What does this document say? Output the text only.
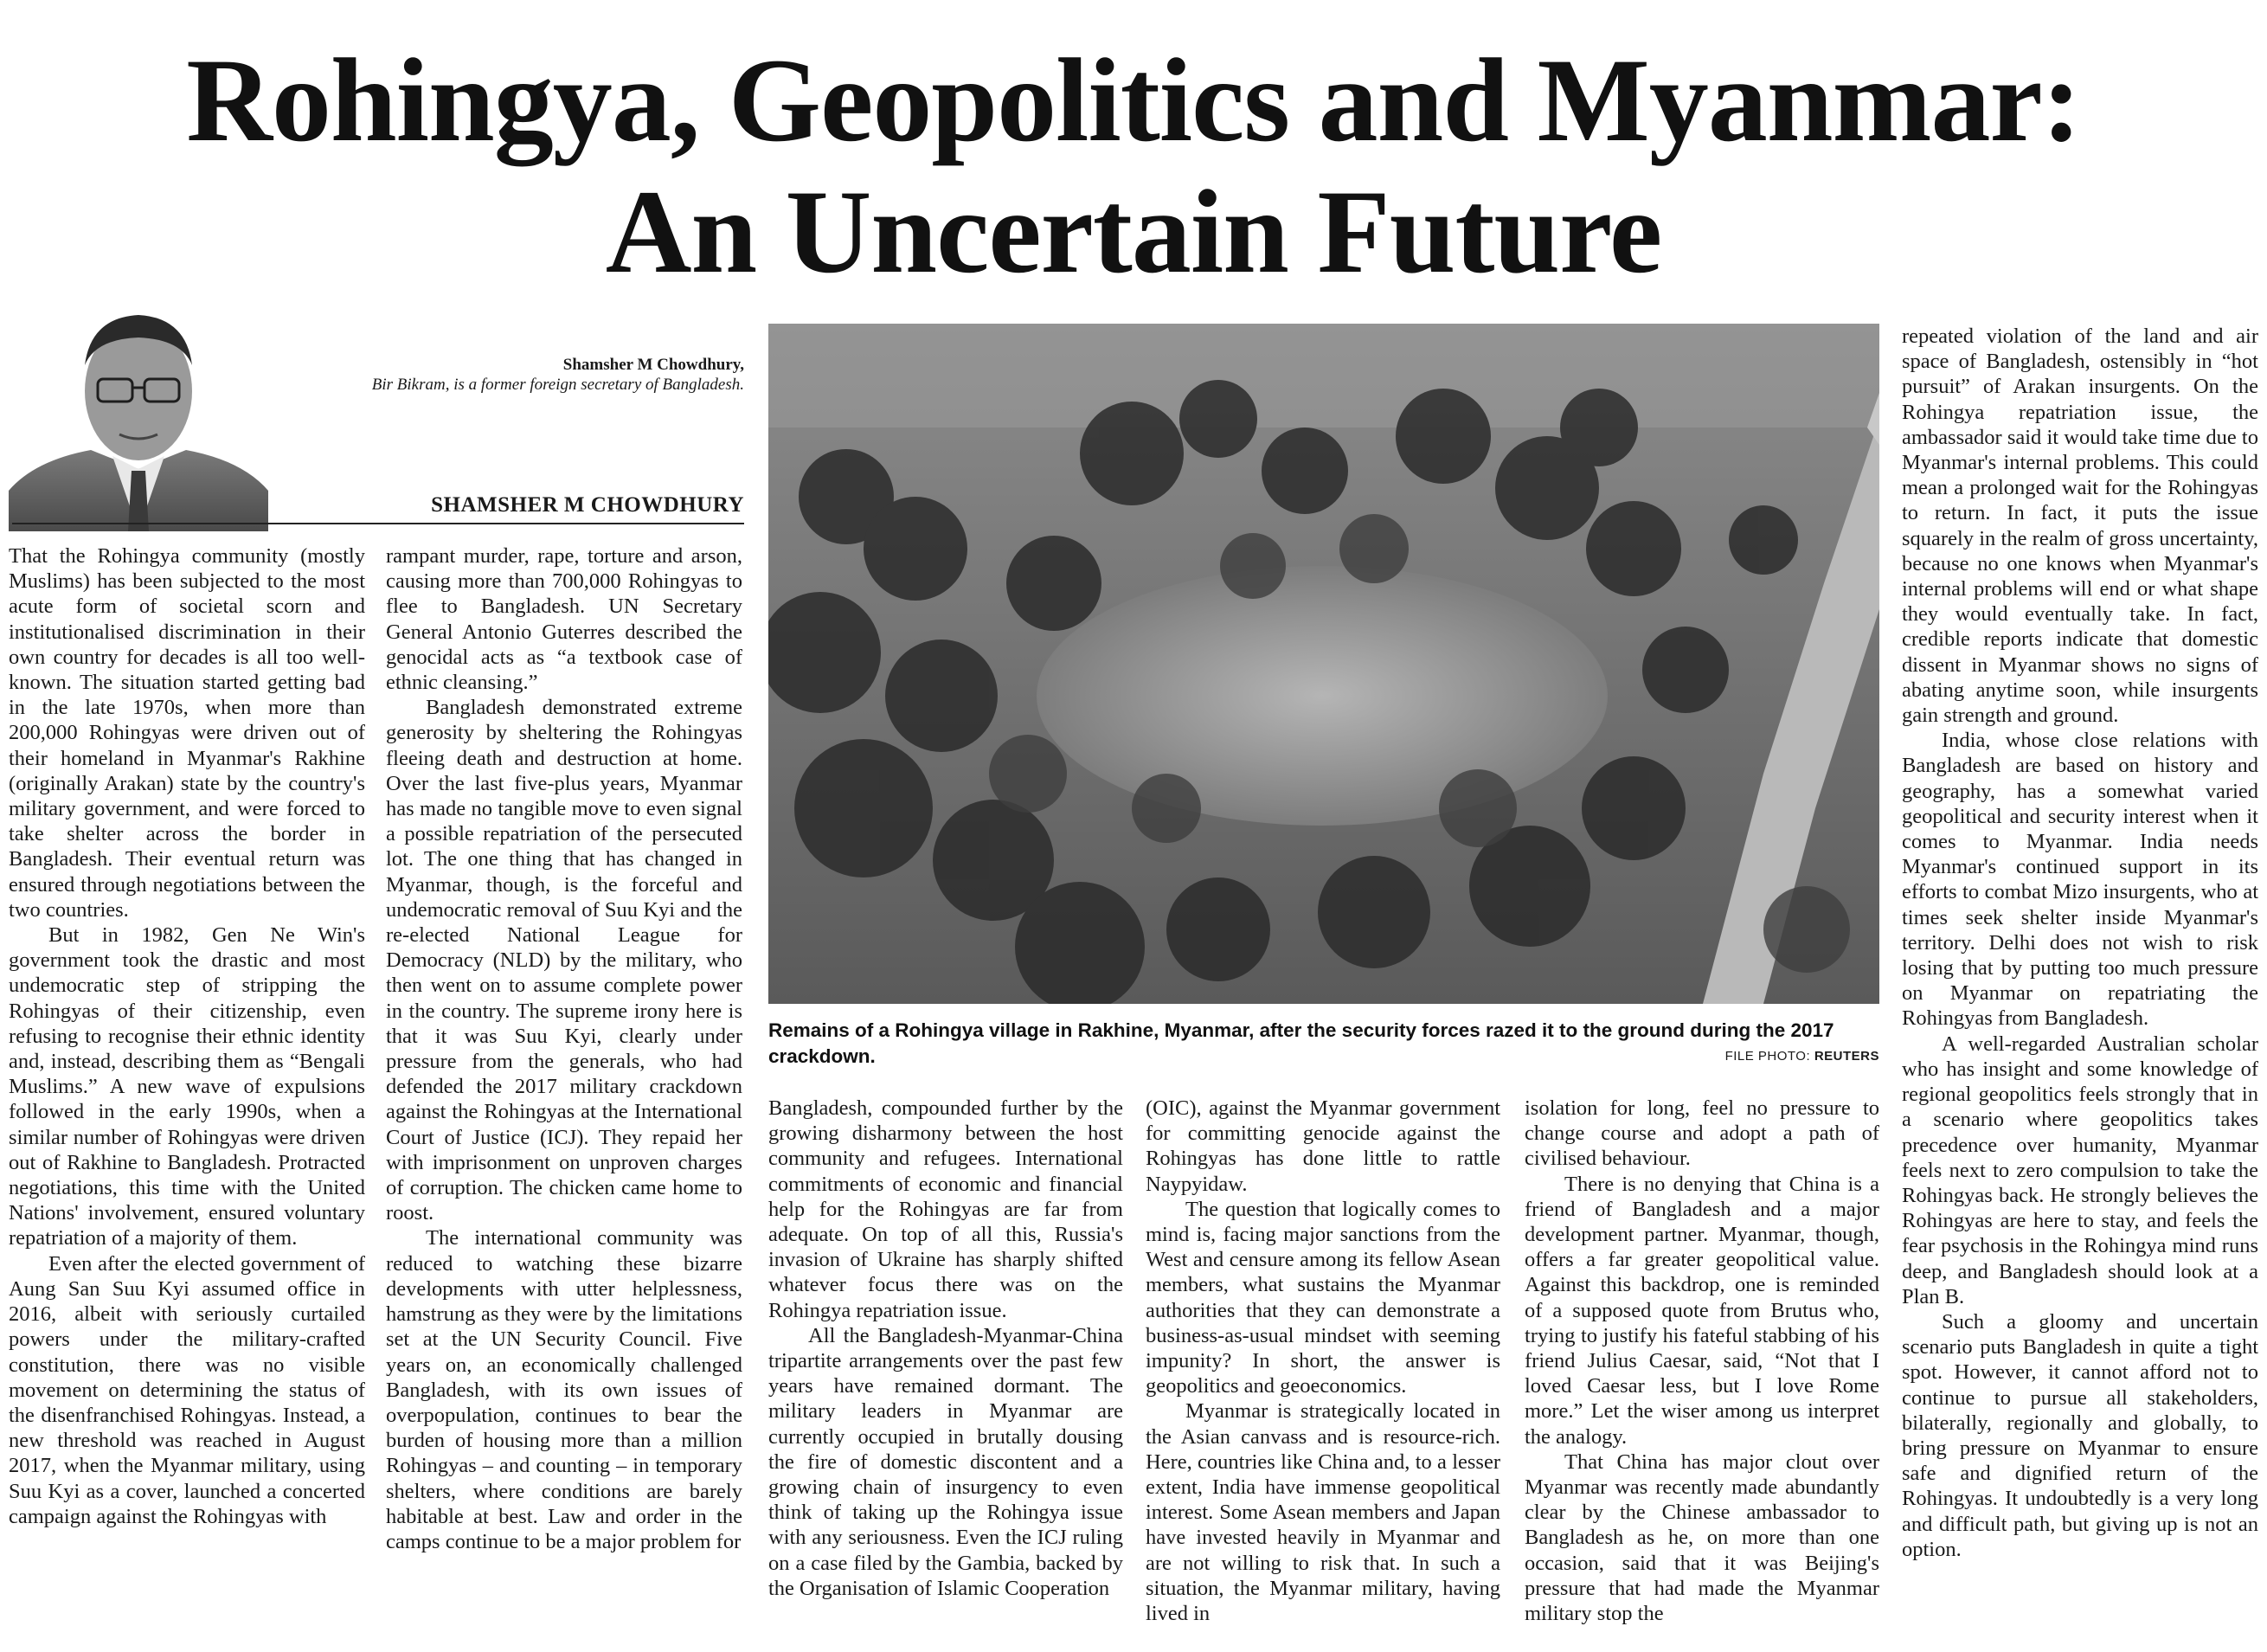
Rohingya, Geopolitics and Myanmar:
An Uncertain Future
Shamsher M Chowdhury,
Bir Bikram, is a former foreign secretary of Bangladesh.
SHAMSHER M CHOWDHURY

That the Rohingya community (mostly Muslims) has been subjected to the most acute form of societal scorn and institutionalised discrimination in their own country for decades is all too well-known. The situation started getting bad in the late 1970s, when more than 200,000 Rohingyas were driven out of their homeland in Myanmar's Rakhine (originally Arakan) state by the country's military government, and were forced to take shelter across the border in Bangladesh. Their eventual return was ensured through negotiations between the two countries.

But in 1982, Gen Ne Win's government took the drastic and most undemocratic step of stripping the Rohingyas of their citizenship, even refusing to recognise their ethnic identity and, instead, describing them as “Bengali Muslims.” A new wave of expulsions followed in the early 1990s, when a similar number of Rohingyas were driven out of Rakhine to Bangladesh. Protracted negotiations, this time with the United Nations' involvement, ensured voluntary repatriation of a majority of them.

Even after the elected government of Aung San Suu Kyi assumed office in 2016, albeit with seriously curtailed powers under the military-crafted constitution, there was no visible movement on determining the status of the disenfranchised Rohingyas. Instead, a new threshold was reached in August 2017, when the Myanmar military, using Suu Kyi as a cover, launched a concerted campaign against the Rohingyas with

rampant murder, rape, torture and arson, causing more than 700,000 Rohingyas to flee to Bangladesh. UN Secretary General Antonio Guterres described the genocidal acts as “a textbook case of ethnic cleansing.”

Bangladesh demonstrated extreme generosity by sheltering the Rohingyas fleeing death and destruction at home. Over the last five-plus years, Myanmar has made no tangible move to even signal a possible repatriation of the persecuted lot. The one thing that has changed in Myanmar, though, is the forceful and undemocratic removal of Suu Kyi and the re-elected National League for Democracy (NLD) by the military, who then went on to assume complete power in the country. The supreme irony here is that it was Suu Kyi, clearly under pressure from the generals, who had defended the 2017 military crackdown against the Rohingyas at the International Court of Justice (ICJ). They repaid her with imprisonment on unproven charges of corruption. The chicken came home to roost.

The international community was reduced to watching these bizarre developments with utter helplessness, hamstrung as they were by the limitations set at the UN Security Council. Five years on, an economically challenged Bangladesh, with its own issues of overpopulation, continues to bear the burden of housing more than a million Rohingyas – and counting – in temporary shelters, where conditions are barely habitable at best. Law and order in the camps continue to be a major problem for

Remains of a Rohingya village in Rakhine, Myanmar, after the security forces razed it to the ground during the 2017 crackdown.	FILE PHOTO: REUTERS

Bangladesh, compounded further by the growing disharmony between the host community and refugees. International commitments of economic and financial help for the Rohingyas are far from adequate. On top of all this, Russia's invasion of Ukraine has sharply shifted whatever focus there was on the Rohingya repatriation issue.

All the Bangladesh-Myanmar-China tripartite arrangements over the past few years have remained dormant. The military leaders in Myanmar are currently occupied in brutally dousing the fire of domestic discontent and a growing chain of insurgency to even think of taking up the Rohingya issue with any seriousness. Even the ICJ ruling on a case filed by the Gambia, backed by the Organisation of Islamic Cooperation

(OIC), against the Myanmar government for committing genocide against the Rohingyas has done little to rattle Naypyidaw.

The question that logically comes to mind is, facing major sanctions from the West and censure among its fellow Asean members, what sustains the Myanmar authorities that they can demonstrate a business-as-usual mindset with seeming impunity? In short, the answer is geopolitics and geoeconomics.

Myanmar is strategically located in the Asian canvass and is resource-rich. Here, countries like China and, to a lesser extent, India have immense geopolitical interest. Some Asean members and Japan have invested heavily in Myanmar and are not willing to risk that. In such a situation, the Myanmar military, having lived in

isolation for long, feel no pressure to change course and adopt a path of civilised behaviour.

There is no denying that China is a friend of Bangladesh and a major development partner. Myanmar, though, offers a far greater geopolitical value. Against this backdrop, one is reminded of a supposed quote from Brutus who, trying to justify his fateful stabbing of his friend Julius Caesar, said, “Not that I loved Caesar less, but I love Rome more.” Let the wiser among us interpret the analogy.

That China has major clout over Myanmar was recently made abundantly clear by the Chinese ambassador to Bangladesh as he, on more than one occasion, said that it was Beijing's pressure that had made the Myanmar military stop the

repeated violation of the land and air space of Bangladesh, ostensibly in “hot pursuit” of Arakan insurgents. On the Rohingya repatriation issue, the ambassador said it would take time due to Myanmar's internal problems. This could mean a prolonged wait for the Rohingyas to return. In fact, it puts the issue squarely in the realm of gross uncertainty, because no one knows when Myanmar's internal problems will end or what shape they would eventually take. In fact, credible reports indicate that domestic dissent in Myanmar shows no signs of abating anytime soon, while insurgents gain strength and ground.

India, whose close relations with Bangladesh are based on history and geography, has a somewhat varied geopolitical and security interest when it comes to Myanmar. India needs Myanmar's continued support in its efforts to combat Mizo insurgents, who at times seek shelter inside Myanmar's territory. Delhi does not wish to risk losing that by putting too much pressure on Myanmar on repatriating the Rohingyas from Bangladesh.

A well-regarded Australian scholar who has insight and some knowledge of regional geopolitics feels strongly that in a scenario where geopolitics takes precedence over humanity, Myanmar feels next to zero compulsion to take the Rohingyas back. He strongly believes the Rohingyas are here to stay, and feels the fear psychosis in the Rohingya mind runs deep, and Bangladesh should look at a Plan B.

Such a gloomy and uncertain scenario puts Bangladesh in quite a tight spot. However, it cannot afford not to continue to pursue all stakeholders, bilaterally, regionally and globally, to bring pressure on Myanmar to ensure safe and dignified return of the Rohingyas. It undoubtedly is a very long and difficult path, but giving up is not an option.
